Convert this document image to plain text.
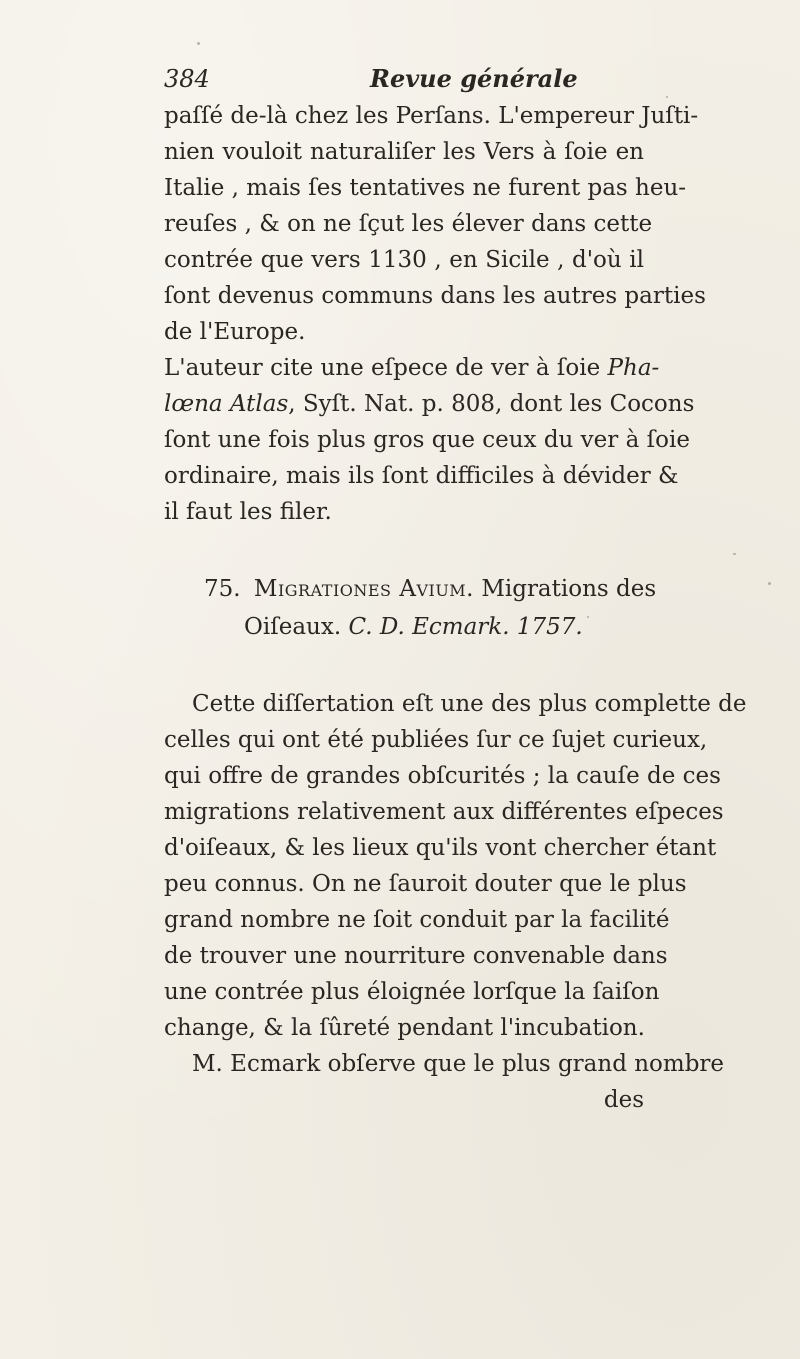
384	Revue générale
paſſé de-là chez les Perſans. L'empereur Juſti-
nien vouloit naturaliſer les Vers à ſoie en
Italie , mais ſes tentatives ne furent pas heu-
reuſes , & on ne ſçut les élever dans cette
contrée que vers 1130 , en Sicile , d'où il
ſont devenus communs dans les autres parties
de l'Europe.
L'auteur cite une eſpece de ver à ſoie Pha-
lœna Atlas, Syſt. Nat. p. 808, dont les Cocons
ſont une fois plus gros que ceux du ver à ſoie
ordinaire, mais ils ſont difficiles à dévider &
il faut les filer.
75. Migrationes Avium. Migrations des
Oiſeaux. C. D. Ecmark. 1757.
Cette diſſertation eſt une des plus complette de
celles qui ont été publiées ſur ce ſujet curieux,
qui offre de grandes obſcurités ; la cauſe de ces
migrations relativement aux différentes eſpeces
d'oiſeaux, & les lieux qu'ils vont chercher étant
peu connus. On ne ſauroit douter que le plus
grand nombre ne ſoit conduit par la facilité
de trouver une nourriture convenable dans
une contrée plus éloignée lorſque la ſaiſon
change, & la ſûreté pendant l'incubation.
M. Ecmark obſerve que le plus grand nombre
des
